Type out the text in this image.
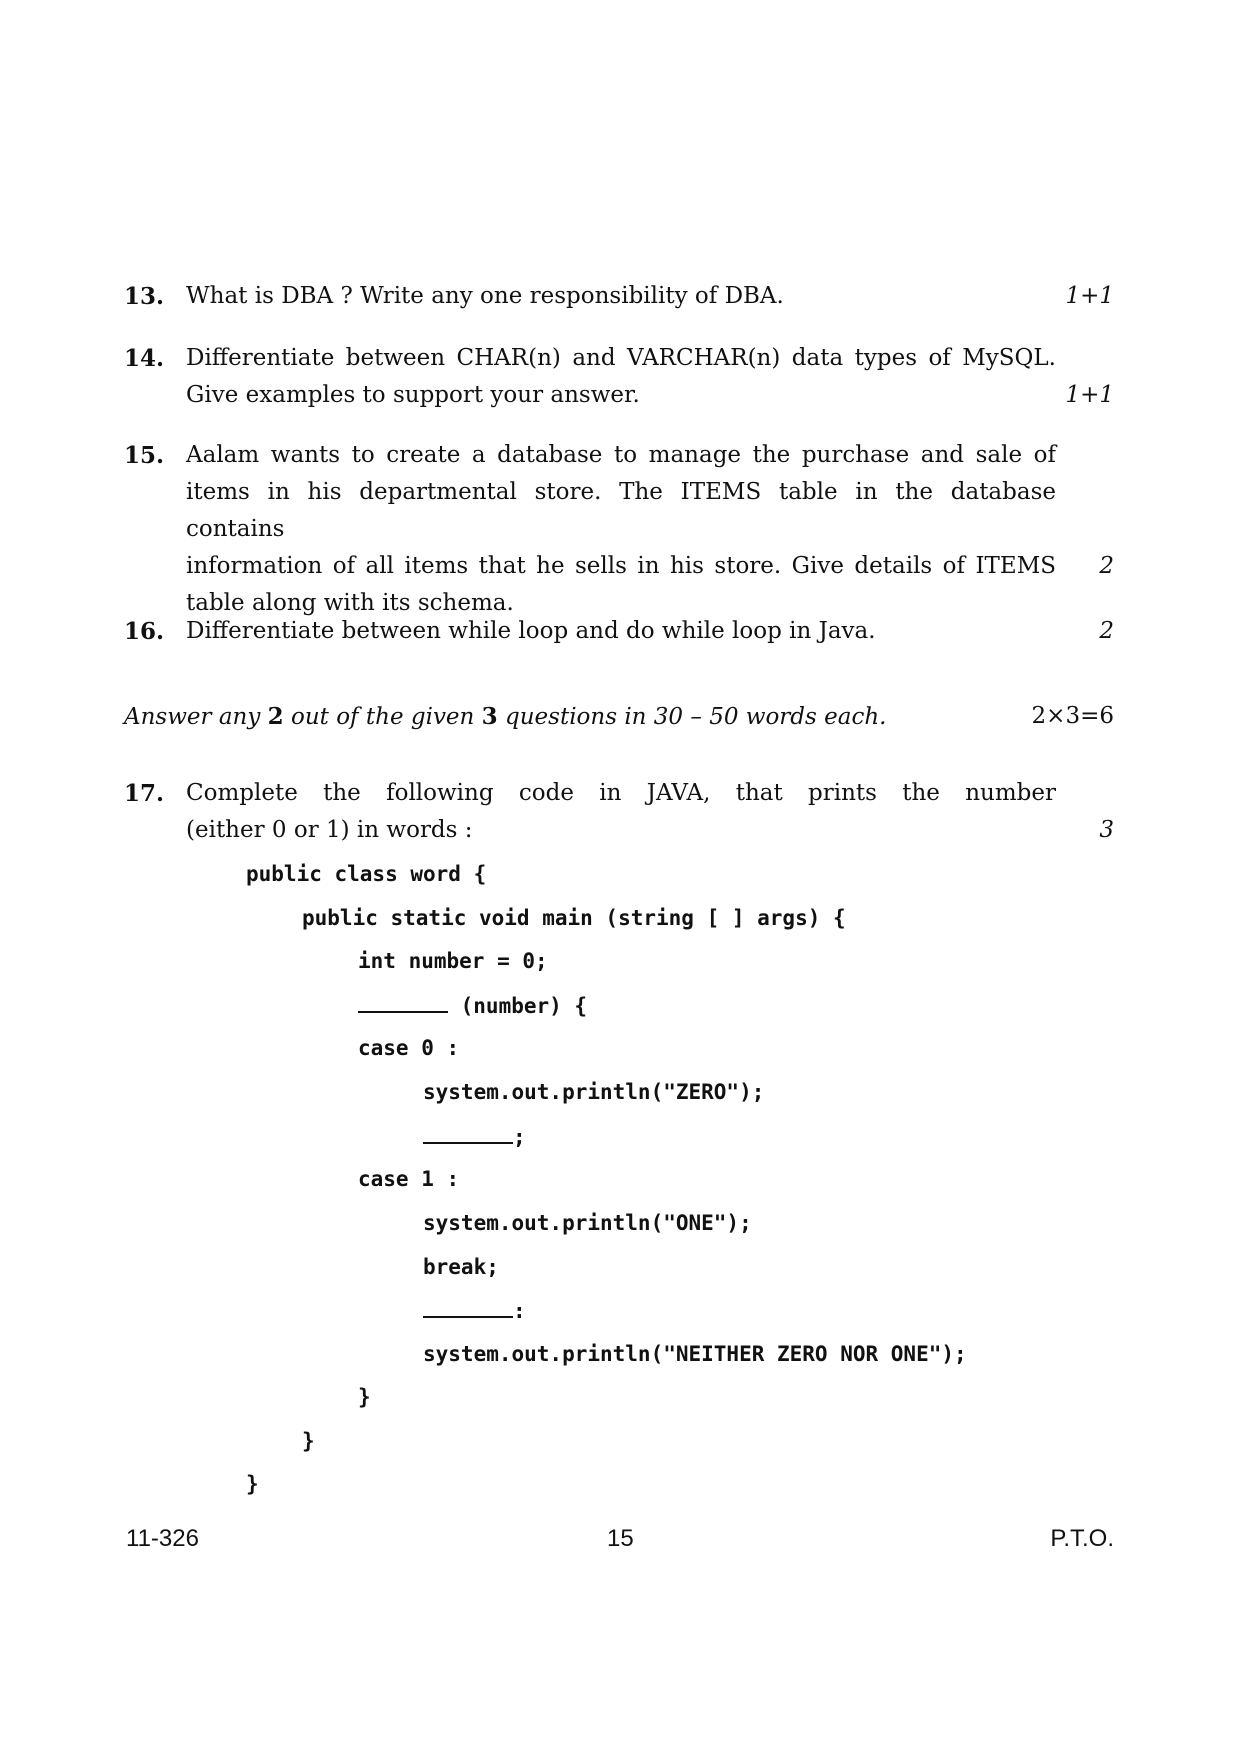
13. What is DBA ? Write any one responsibility of DBA.	1+1
14. Differentiate between CHAR(n) and VARCHAR(n) data types of MySQL.
Give examples to support your answer.	1+1
15. Aalam wants to create a database to manage the purchase and sale of
items in his departmental store. The ITEMS table in the database contains
information of all items that he sells in his store. Give details of ITEMS
table along with its schema.
2
16. Differentiate between while loop and do while loop in Java.	2
Answer any 2 out of the given 3 questions in 30 – 50 words each.	2×3=6
17. Complete the following code in JAVA, that prints the number
(either 0 or 1) in words :	3
public class word {
public static void main (string [ ] args) {
int number = 0;
(number) {
case 0 :
system.out.println("ZERO");
;
case 1 :
system.out.println("ONE");
break;
:
system.out.println("NEITHER ZERO NOR ONE");
}
}
}
11-326	15	P.T.O.
